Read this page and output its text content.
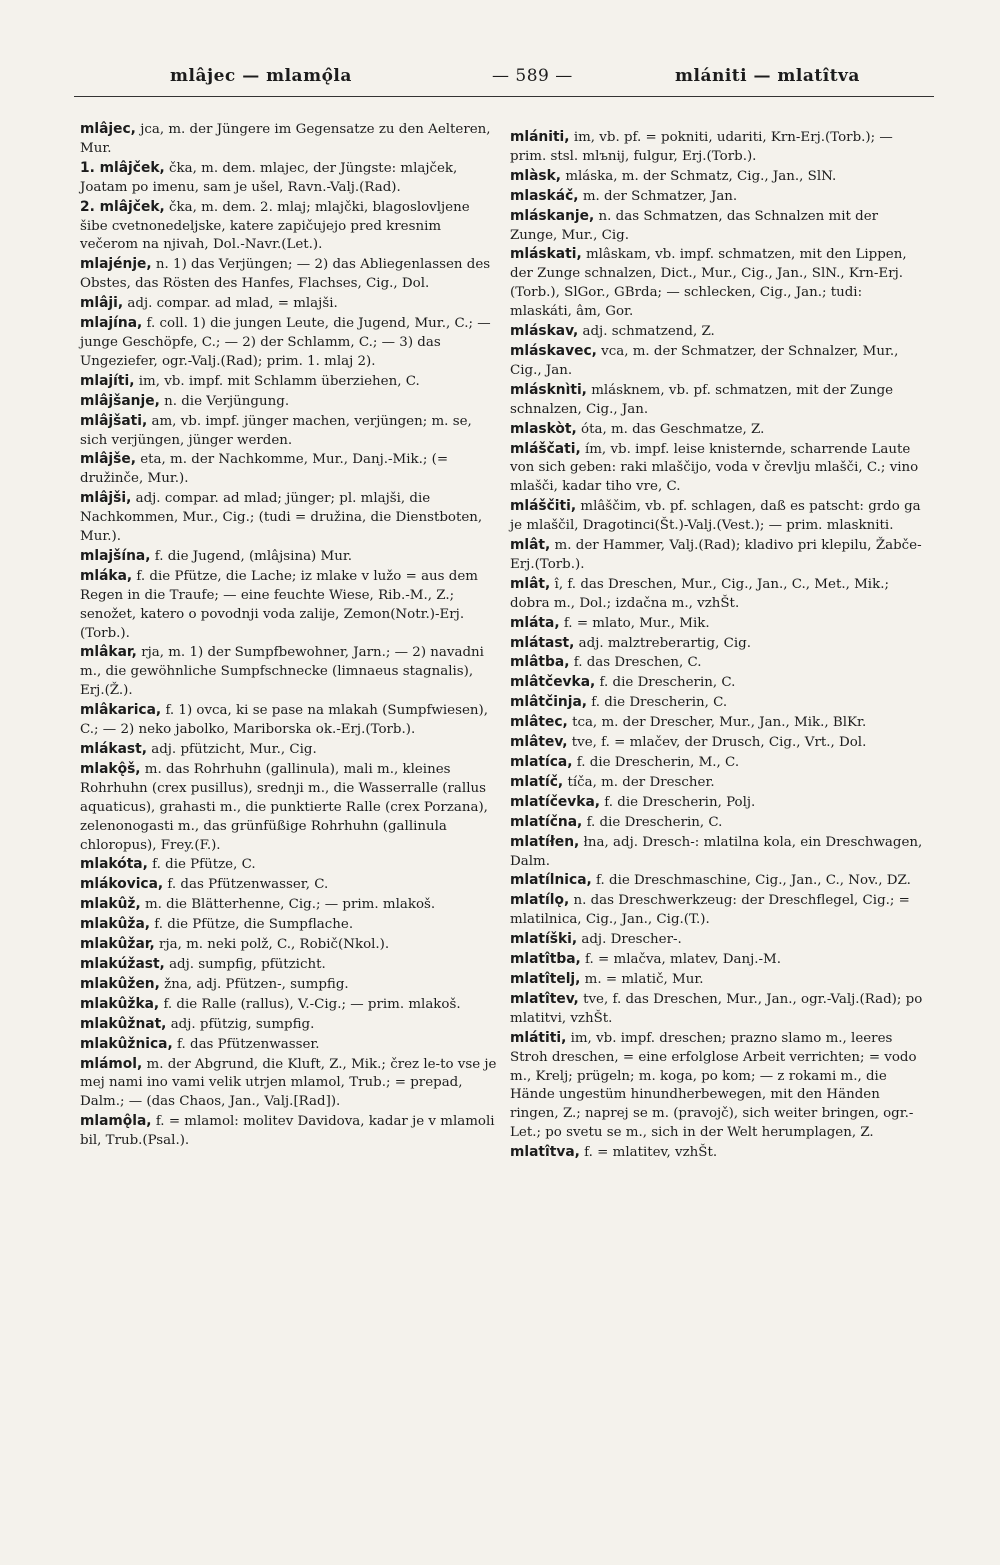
mlâjec — mlamǫ̂la	— 589 —	mlániti — mlatîtva

mlâjec, jca, m. der Jüngere im Gegensatze zu den Aelteren, Mur.

1. mlâjček, čka, m. dem. mlajec, der Jüngste: mlajček, Joatam po imenu, sam je ušel, Ravn.-Valj.(Rad).

2. mlâjček, čka, m. dem. 2. mlaj; mlajčki, blagoslovljene šibe cvetnonedeljske, katere zapičujejo pred kresnim večerom na njivah, Dol.-Navr.(Let.).

mlajénje, n. 1) das Verjüngen; — 2) das Abliegenlassen des Obstes, das Rösten des Hanfes, Flachses, Cig., Dol.

mlâji, adj. compar. ad mlad, = mlajši.

mlajína, f. coll. 1) die jungen Leute, die Jugend, Mur., C.; — junge Geschöpfe, C.; — 2) der Schlamm, C.; — 3) das Ungeziefer, ogr.-Valj.(Rad); prim. 1. mlaj 2).

mlajíti, im, vb. impf. mit Schlamm überziehen, C.

mlâjšanje, n. die Verjüngung.

mlâjšati, am, vb. impf. jünger machen, verjüngen; m. se, sich verjüngen, jünger werden.

mlâjše, eta, m. der Nachkomme, Mur., Danj.-Mik.; (= družinče, Mur.).

mlâjši, adj. compar. ad mlad; jünger; pl. mlajši, die Nachkommen, Mur., Cig.; (tudi = družina, die Dienstboten, Mur.).

mlajšína, f. die Jugend, (mlâjsina) Mur.

mláka, f. die Pfütze, die Lache; iz mlake v lužo = aus dem Regen in die Traufe; — eine feuchte Wiese, Rib.-M., Z.; senožet, katero o povodnji voda zalije, Zemon(Notr.)-Erj.(Torb.).

mlâkar, rja, m. 1) der Sumpfbewohner, Jarn.; — 2) navadni m., die gewöhnliche Sumpfschnecke (limnaeus stagnalis), Erj.(Ž.).

mlâkarica, f. 1) ovca, ki se pase na mlakah (Sumpfwiesen), C.; — 2) neko jabolko, Mariborska ok.-Erj.(Torb.).

mlákast, adj. pfützicht, Mur., Cig.

mlakǫ̂š, m. das Rohrhuhn (gallinula), mali m., kleines Rohrhuhn (crex pusillus), srednji m., die Wasserralle (rallus aquaticus), grahasti m., die punktierte Ralle (crex Porzana), zelenonogasti m., das grünfüßige Rohrhuhn (gallinula chloropus), Frey.(F.).

mlakóta, f. die Pfütze, C.

mlákovica, f. das Pfützenwasser, C.

mlakûž, m. die Blätterhenne, Cig.; — prim. mlakoš.

mlakûža, f. die Pfütze, die Sumpflache.

mlakûžar, rja, m. neki polž, C., Robič(Nkol.).

mlakúžast, adj. sumpfig, pfützicht.

mlakûžen, žna, adj. Pfützen-, sumpfig.

mlakûžka, f. die Ralle (rallus), V.-Cig.; — prim. mlakoš.

mlakûžnat, adj. pfützig, sumpfig.

mlakûžnica, f. das Pfützenwasser.

mlámol, m. der Abgrund, die Kluft, Z., Mik.; črez le-to vse je mej nami ino vami velik utrjen mlamol, Trub.; = prepad, Dalm.; — (das Chaos, Jan., Valj.[Rad]).

mlamǫ̂la, f. = mlamol: molitev Davidova, kadar je v mlamoli bil, Trub.(Psal.).

mlániti, im, vb. pf. = pokniti, udariti, Krn-Erj.(Torb.); — prim. stsl. mlъnij, fulgur, Erj.(Torb.).

mlàsk, mláska, m. der Schmatz, Cig., Jan., SlN.

mlaskáč, m. der Schmatzer, Jan.

mláskanje, n. das Schmatzen, das Schnalzen mit der Zunge, Mur., Cig.

mláskati, mlâskam, vb. impf. schmatzen, mit den Lippen, der Zunge schnalzen, Dict., Mur., Cig., Jan., SlN., Krn-Erj.(Torb.), SlGor., GBrda; — schlecken, Cig., Jan.; tudi: mlaskáti, âm, Gor.

mláskav, adj. schmatzend, Z.

mláskavec, vca, m. der Schmatzer, der Schnalzer, Mur., Cig., Jan.

mlásknìti, mlásknem, vb. pf. schmatzen, mit der Zunge schnalzen, Cig., Jan.

mlaskòt, óta, m. das Geschmatze, Z.

mláščati, ím, vb. impf. leise knisternde, scharrende Laute von sich geben: raki mlaščijo, voda v črevlju mlašči, C.; vino mlašči, kadar tiho vre, C.

mláščiti, mlâščim, vb. pf. schlagen, daß es patscht: grdo ga je mlaščil, Dragotinci(Št.)-Valj.(Vest.); — prim. mlaskniti.

mlât, m. der Hammer, Valj.(Rad); kladivo pri klepilu, Žabče-Erj.(Torb.).

mlât, î, f. das Dreschen, Mur., Cig., Jan., C., Met., Mik.; dobra m., Dol.; izdačna m., vzhŠt.

mláta, f. = mlato, Mur., Mik.

mlátast, adj. malztreberartig, Cig.

mlâtba, f. das Dreschen, C.

mlâtčevka, f. die Drescherin, C.

mlâtčinja, f. die Drescherin, C.

mlâtec, tca, m. der Drescher, Mur., Jan., Mik., BlKr.

mlâtev, tve, f. = mlačev, der Drusch, Cig., Vrt., Dol.

mlatíca, f. die Drescherin, M., C.

mlatíč, tíča, m. der Drescher.

mlatíčevka, f. die Drescherin, Polj.

mlatíčna, f. die Drescherin, C.

mlatíłen, łna, adj. Dresch-: mlatilna kola, ein Dreschwagen, Dalm.

mlatílnica, f. die Dreschmaschine, Cig., Jan., C., Nov., DZ.

mlatílǫ, n. das Dreschwerkzeug: der Dreschflegel, Cig.; = mlatilnica, Cig., Jan., Cig.(T.).

mlatíški, adj. Drescher-.

mlatîtba, f. = mlačva, mlatev, Danj.-M.

mlatîtelj, m. = mlatič, Mur.

mlatîtev, tve, f. das Dreschen, Mur., Jan., ogr.-Valj.(Rad); po mlatitvi, vzhŠt.

mlátiti, im, vb. impf. dreschen; prazno slamo m., leeres Stroh dreschen, = eine erfolglose Arbeit verrichten; = vodo m., Krelj; prügeln; m. koga, po kom; — z rokami m., die Hände ungestüm hinundherbewegen, mit den Händen ringen, Z.; naprej se m. (pravojč), sich weiter bringen, ogr.-Let.; po svetu se m., sich in der Welt herumplagen, Z.

mlatîtva, f. = mlatitev, vzhŠt.
